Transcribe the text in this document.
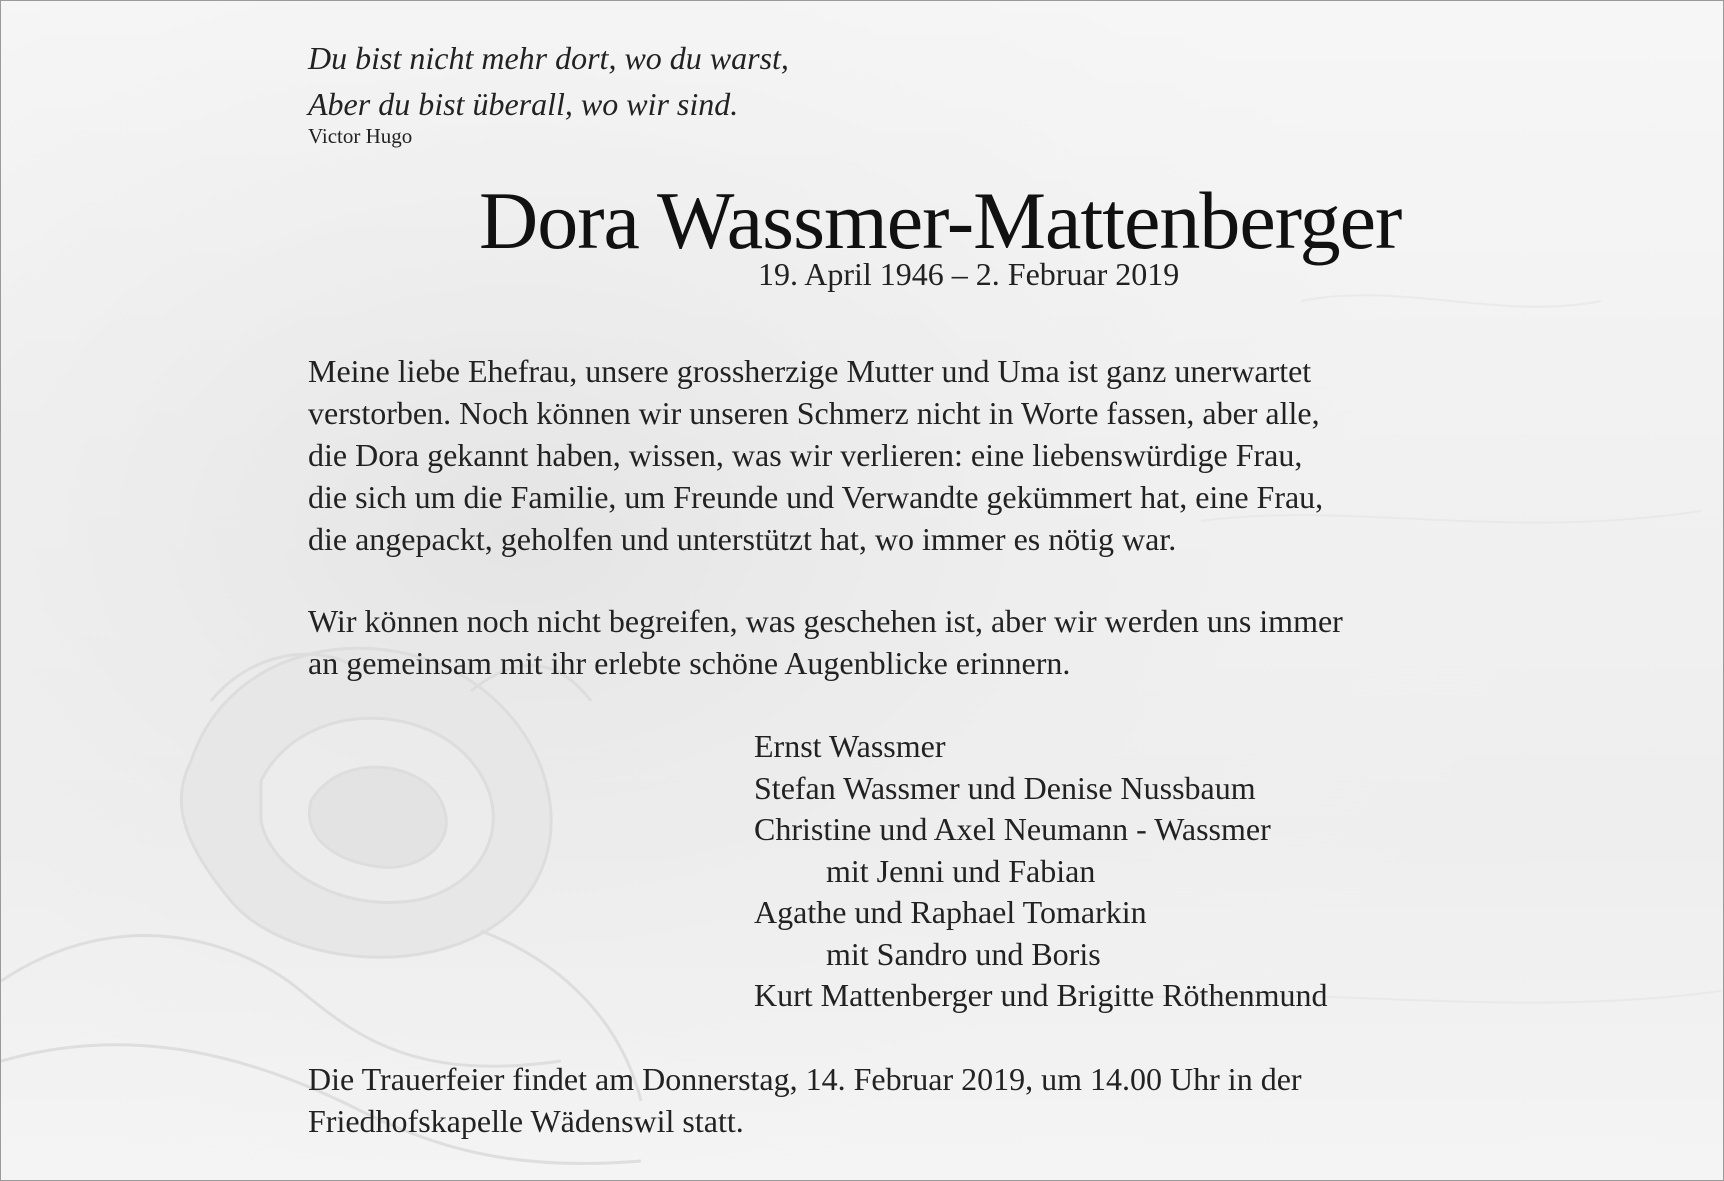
Du bist nicht mehr dort, wo du warst,
Aber du bist überall, wo wir sind.
Victor Hugo
Dora Wassmer-Mattenberger
19. April 1946 – 2. Februar 2019

Meine liebe Ehefrau, unsere grossherzige Mutter und Uma ist ganz unerwartet
verstorben. Noch können wir unseren Schmerz nicht in Worte fassen, aber alle,
die Dora gekannt haben, wissen, was wir verlieren: eine liebenswürdige Frau,
die sich um die Familie, um Freunde und Verwandte gekümmert hat, eine Frau,
die angepackt, geholfen und unterstützt hat, wo immer es nötig war.

Wir können noch nicht begreifen, was geschehen ist, aber wir werden uns immer
an gemeinsam mit ihr erlebte schöne Augenblicke erinnern.

Ernst Wassmer
Stefan Wassmer und Denise Nussbaum
Christine und Axel Neumann - Wassmer
mit Jenni und Fabian
Agathe und Raphael Tomarkin
mit Sandro und Boris
Kurt Mattenberger und Brigitte Röthenmund

Die Trauerfeier findet am Donnerstag, 14. Februar 2019, um 14.00 Uhr in der
Friedhofskapelle Wädenswil statt.
